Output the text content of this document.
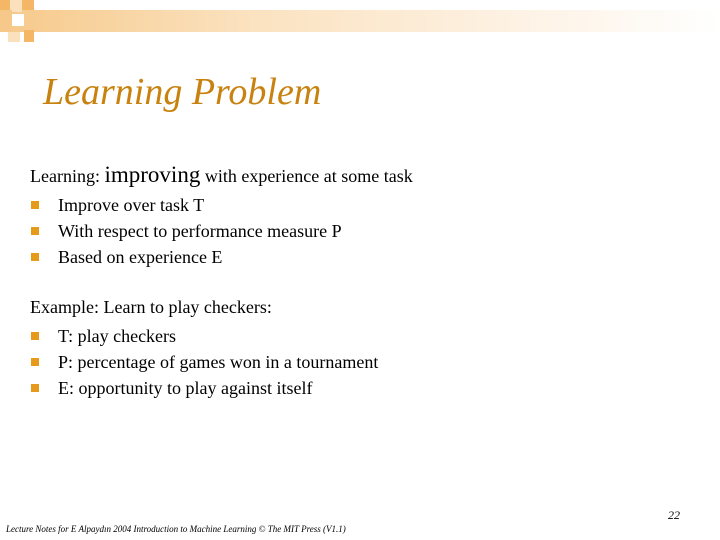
Learning Problem
Learning: improving with experience at some task
Improve over task T
With respect to performance measure P
Based on experience E
Example: Learn to play checkers:
T: play checkers
P: percentage of games won in a tournament
E: opportunity to play against itself
22
Lecture Notes for E Alpaydın 2004 Introduction to Machine Learning © The MIT Press (V1.1)
